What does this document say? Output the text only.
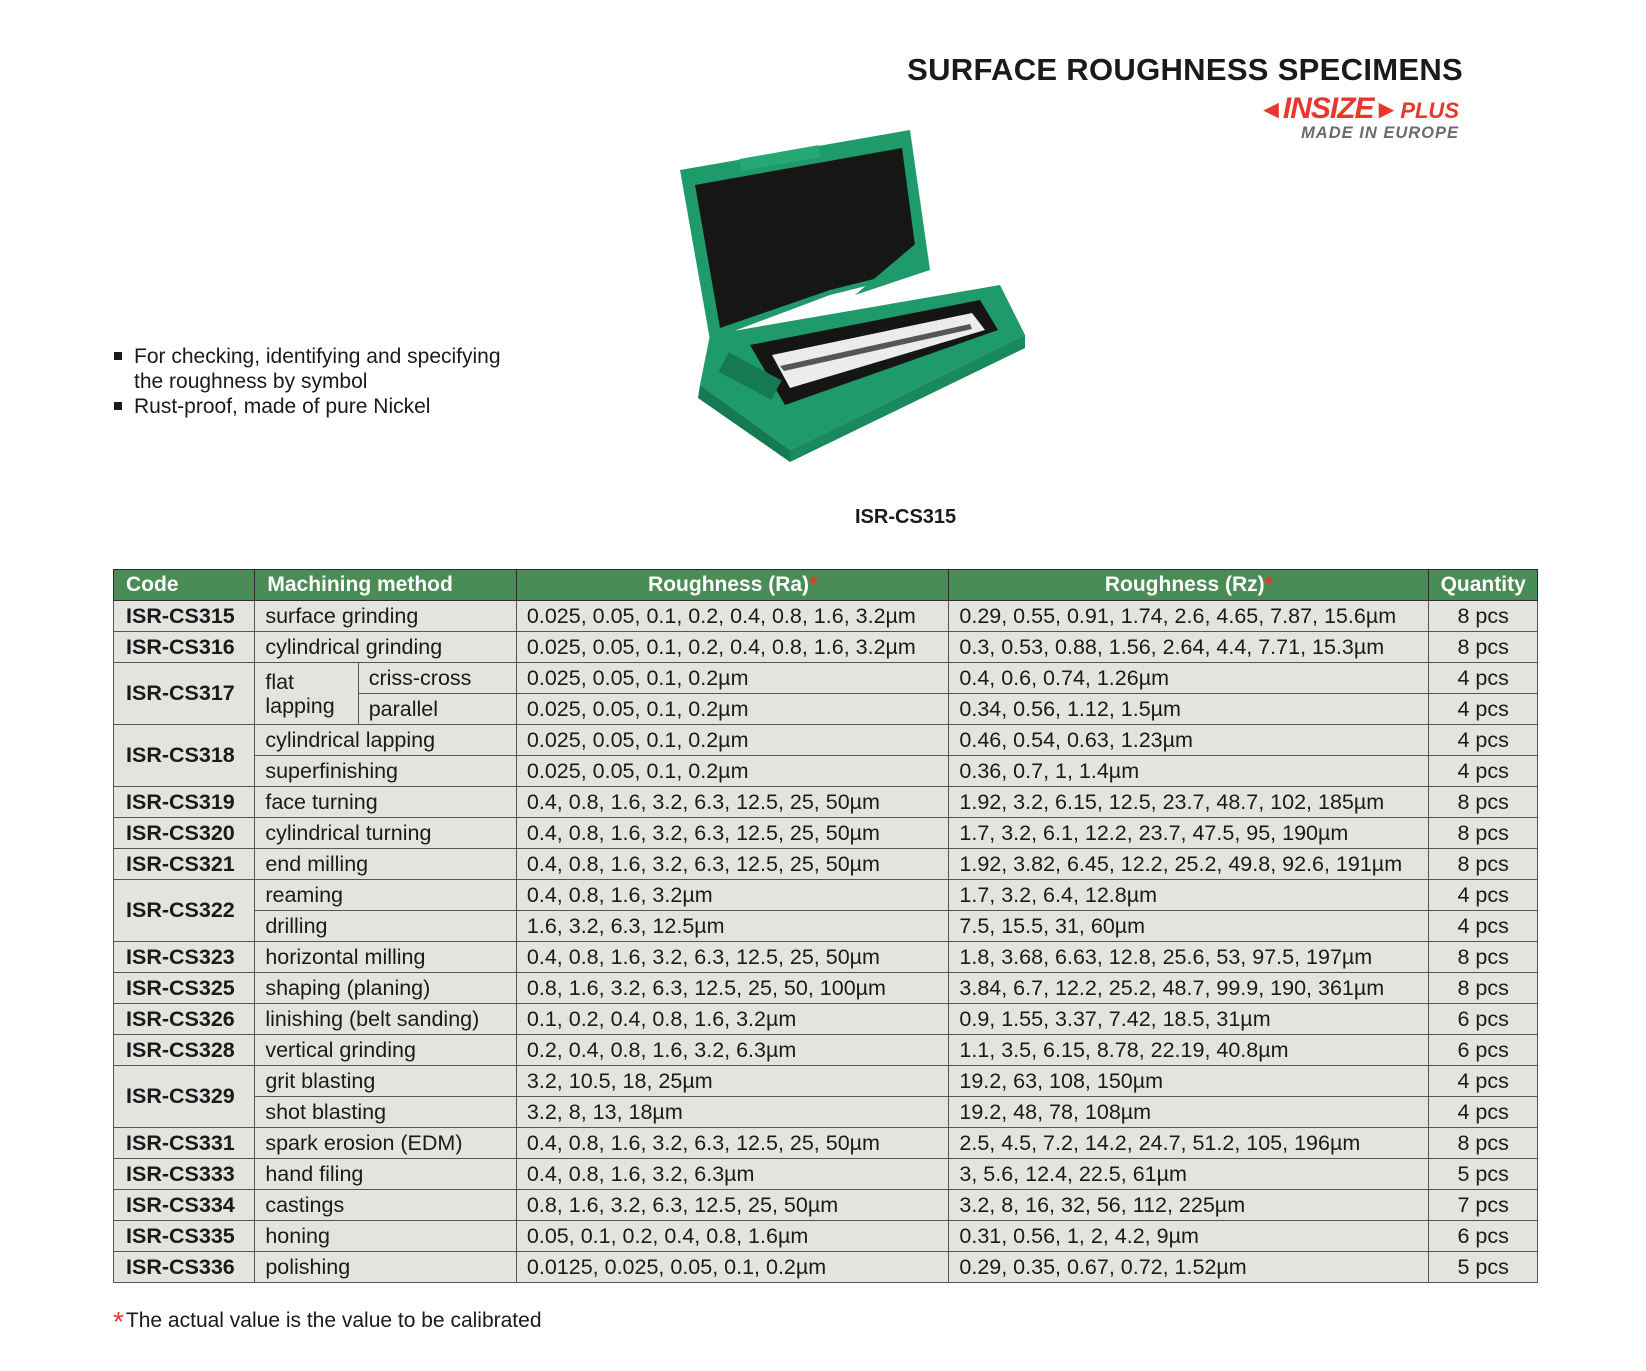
SURFACE ROUGHNESS SPECIMENS
◄INSIZE►PLUS
MADE IN EUROPE
For checking, identifying and specifying the roughness by symbol
Rust-proof, made of pure Nickel
ISR-CS315
Code	Machining method		Roughness (Ra)*	Roughness (Rz)*	Quantity
ISR-CS315	surface grinding		0.025, 0.05, 0.1, 0.2, 0.4, 0.8, 1.6, 3.2µm	0.29, 0.55, 0.91, 1.74, 2.6, 4.65, 7.87, 15.6µm	8 pcs
ISR-CS316	cylindrical grinding		0.025, 0.05, 0.1, 0.2, 0.4, 0.8, 1.6, 3.2µm	0.3, 0.53, 0.88, 1.56, 2.64, 4.4, 7.71, 15.3µm	8 pcs
ISR-CS317	flat lapping	criss-cross	0.025, 0.05, 0.1, 0.2µm	0.4, 0.6, 0.74, 1.26µm	4 pcs
		parallel	0.025, 0.05, 0.1, 0.2µm	0.34, 0.56, 1.12, 1.5µm	4 pcs
ISR-CS318	cylindrical lapping		0.025, 0.05, 0.1, 0.2µm	0.46, 0.54, 0.63, 1.23µm	4 pcs
	superfinishing		0.025, 0.05, 0.1, 0.2µm	0.36, 0.7, 1, 1.4µm	4 pcs
ISR-CS319	face turning		0.4, 0.8, 1.6, 3.2, 6.3, 12.5, 25, 50µm	1.92, 3.2, 6.15, 12.5, 23.7, 48.7, 102, 185µm	8 pcs
ISR-CS320	cylindrical turning		0.4, 0.8, 1.6, 3.2, 6.3, 12.5, 25, 50µm	1.7, 3.2, 6.1, 12.2, 23.7, 47.5, 95, 190µm	8 pcs
ISR-CS321	end milling		0.4, 0.8, 1.6, 3.2, 6.3, 12.5, 25, 50µm	1.92, 3.82, 6.45, 12.2, 25.2, 49.8, 92.6, 191µm	8 pcs
ISR-CS322	reaming		0.4, 0.8, 1.6, 3.2µm	1.7, 3.2, 6.4, 12.8µm	4 pcs
	drilling		1.6, 3.2, 6.3, 12.5µm	7.5, 15.5, 31, 60µm	4 pcs
ISR-CS323	horizontal milling		0.4, 0.8, 1.6, 3.2, 6.3, 12.5, 25, 50µm	1.8, 3.68, 6.63, 12.8, 25.6, 53, 97.5, 197µm	8 pcs
ISR-CS325	shaping (planing)		0.8, 1.6, 3.2, 6.3, 12.5, 25, 50, 100µm	3.84, 6.7, 12.2, 25.2, 48.7, 99.9, 190, 361µm	8 pcs
ISR-CS326	linishing (belt sanding)		0.1, 0.2, 0.4, 0.8, 1.6, 3.2µm	0.9, 1.55, 3.37, 7.42, 18.5, 31µm	6 pcs
ISR-CS328	vertical grinding		0.2, 0.4, 0.8, 1.6, 3.2, 6.3µm	1.1, 3.5, 6.15, 8.78, 22.19, 40.8µm	6 pcs
ISR-CS329	grit blasting		3.2, 10.5, 18, 25µm	19.2, 63, 108, 150µm	4 pcs
	shot blasting		3.2, 8, 13, 18µm	19.2, 48, 78, 108µm	4 pcs
ISR-CS331	spark erosion (EDM)		0.4, 0.8, 1.6, 3.2, 6.3, 12.5, 25, 50µm	2.5, 4.5, 7.2, 14.2, 24.7, 51.2, 105, 196µm	8 pcs
ISR-CS333	hand filing		0.4, 0.8, 1.6, 3.2, 6.3µm	3, 5.6, 12.4, 22.5, 61µm	5 pcs
ISR-CS334	castings		0.8, 1.6, 3.2, 6.3, 12.5, 25, 50µm	3.2, 8, 16, 32, 56, 112, 225µm	7 pcs
ISR-CS335	honing		0.05, 0.1, 0.2, 0.4, 0.8, 1.6µm	0.31, 0.56, 1, 2, 4.2, 9µm	6 pcs
ISR-CS336	polishing		0.0125, 0.025, 0.05, 0.1, 0.2µm	0.29, 0.35, 0.67, 0.72, 1.52µm	5 pcs
*The actual value is the value to be calibrated
